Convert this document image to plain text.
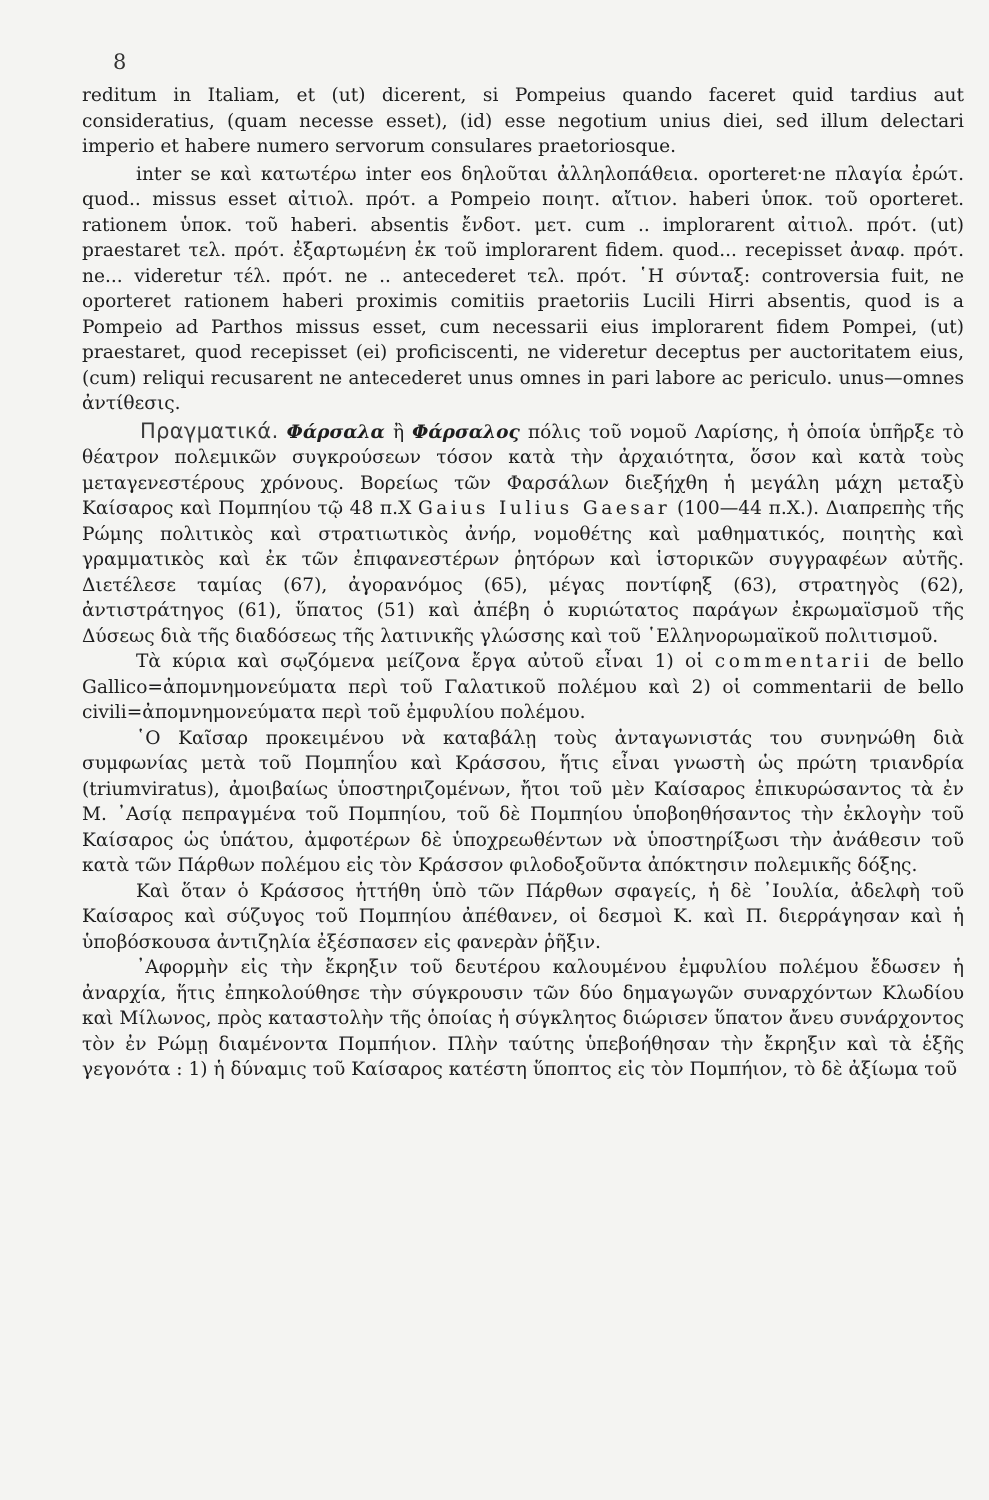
8

reditum in Italiam, et (ut) dicerent, si Pompeius quando faceret quid tardius aut consideratius, (quam necesse esset), (id) esse negotium unius diei, sed illum delectari imperio et habere numero servorum consulares praetoriosque.

inter se καὶ κατωτέρω inter eos δηλοῦται ἀλληλοπάθεια. oporteret·ne πλαγία ἐρώτ. quod.. missus esset αἰτιολ. πρότ. a Pompeio ποιητ. αἴτιον. haberi ὑποκ. τοῦ oporteret. rationem ὑποκ. τοῦ haberi. absentis ἔνδοτ. μετ. cum .. implorarent αἰτιολ. πρότ. (ut) praestaret τελ. πρότ. ἐξαρτωμένη ἐκ τοῦ implorarent fidem. quod... recepisset ἀναφ. πρότ. ne... videretur τέλ. πρότ. ne .. antecederet τελ. πρότ. ῾Η σύνταξ: controversia fuit, ne oporteret rationem haberi proximis comitiis praetoriis Lucili Hirri absentis, quod is a Pompeio ad Parthos missus esset, cum necessarii eius implorarent fidem Pompei, (ut) praestaret, quod recepisset (ei) proficiscenti, ne videretur deceptus per auctoritatem eius, (cum) reliqui recusarent ne antecederet unus omnes in pari labore ac periculo. unus—omnes ἀντίθεσις.

Πραγματικά. Φάρσαλα ἢ Φάρσαλος πόλις τοῦ νομοῦ Λαρίσης, ἡ ὁποία ὑπῆρξε τὸ θέατρον πολεμικῶν συγκρούσεων τόσον κατὰ τὴν ἀρχαιότητα, ὅσον καὶ κατὰ τοὺς μεταγενεστέρους χρόνους. Βορείως τῶν Φαρσάλων διεξήχθη ἡ μεγάλη μάχη μεταξὺ Καίσαρος καὶ Πομπηίου τῷ 48 π.Χ Gaius Iulius Gaesar (100—44 π.Χ.). Διαπρεπὴς τῆς Ρώμης πολιτικὸς καὶ στρατιωτικὸς ἀνήρ, νομοθέτης καὶ μαθηματικός, ποιητὴς καὶ γραμματικὸς καὶ ἐκ τῶν ἐπιφανεστέρων ῥητόρων καὶ ἱστορικῶν συγγραφέων αὐτῆς. Διετέλεσε ταμίας (67), ἀγορανόμος (65), μέγας ποντίφηξ (63), στρατηγὸς (62), ἀντιστράτηγος (61), ὕπατος (51) καὶ ἀπέβη ὁ κυριώτατος παράγων ἐκρωμαϊσμοῦ τῆς Δύσεως διὰ τῆς διαδόσεως τῆς λατινικῆς γλώσσης καὶ τοῦ ῾Ελληνορωμαϊκοῦ πολιτισμοῦ.

Τὰ κύρια καὶ σῳζόμενα μείζονα ἔργα αὐτοῦ εἶναι 1) οἱ commentarii de bello Gallico=ἀπομνημονεύματα περὶ τοῦ Γαλατικοῦ πολέμου καὶ 2) οἱ commentarii de bello civili=ἀπομνημονεύματα περὶ τοῦ ἐμφυλίου πολέμου.

῾Ο Καῖσαρ προκειμένου νὰ καταβάλῃ τοὺς ἀνταγωνιστάς του συνηνώθη διὰ συμφωνίας μετὰ τοῦ Πομπηΐου καὶ Κράσσου, ἥτις εἶναι γνωστὴ ὡς πρώτη τριανδρία (triumviratus), ἀμοιβαίως ὑποστηριζομένων, ἤτοι τοῦ μὲν Καίσαρος ἐπικυρώσαντος τὰ ἐν Μ. ᾿Ασίᾳ πεπραγμένα τοῦ Πομπηίου, τοῦ δὲ Πομπηίου ὑποβοηθήσαντος τὴν ἐκλογὴν τοῦ Καίσαρος ὡς ὑπάτου, ἀμφοτέρων δὲ ὑποχρεωθέντων νὰ ὑποστηρίξωσι τὴν ἀνάθεσιν τοῦ κατὰ τῶν Πάρθων πολέμου εἰς τὸν Κράσσον φιλοδοξοῦντα ἀπόκτησιν πολεμικῆς δόξης.

Καὶ ὅταν ὁ Κράσσος ἡττήθη ὑπὸ τῶν Πάρθων σφαγείς, ἡ δὲ ᾿Ιουλία, ἀδελφὴ τοῦ Καίσαρος καὶ σύζυγος τοῦ Πομπηίου ἀπέθανεν, οἱ δεσμοὶ Κ. καὶ Π. διερράγησαν καὶ ἡ ὑποβόσκουσα ἀντιζηλία ἐξέσπασεν εἰς φανερὰν ῥῆξιν.

᾿Αφορμὴν εἰς τὴν ἔκρηξιν τοῦ δευτέρου καλουμένου ἐμφυλίου πολέμου ἔδωσεν ἡ ἀναρχία, ἥτις ἐπηκολούθησε τὴν σύγκρουσιν τῶν δύο δημαγωγῶν συναρχόντων Κλωδίου καὶ Μίλωνος, πρὸς καταστολὴν τῆς ὁποίας ἡ σύγκλητος διώρισεν ὕπατον ἄνευ συνάρχοντος τὸν ἐν Ρώμῃ διαμένοντα Πομπήιον. Πλὴν ταύτης ὑπεβοήθησαν τὴν ἔκρηξιν καὶ τὰ ἑξῆς γεγονότα : 1) ἡ δύναμις τοῦ Καίσαρος κατέστη ὕποπτος εἰς τὸν Πομπήιον, τὸ δὲ ἀξίωμα τοῦ
